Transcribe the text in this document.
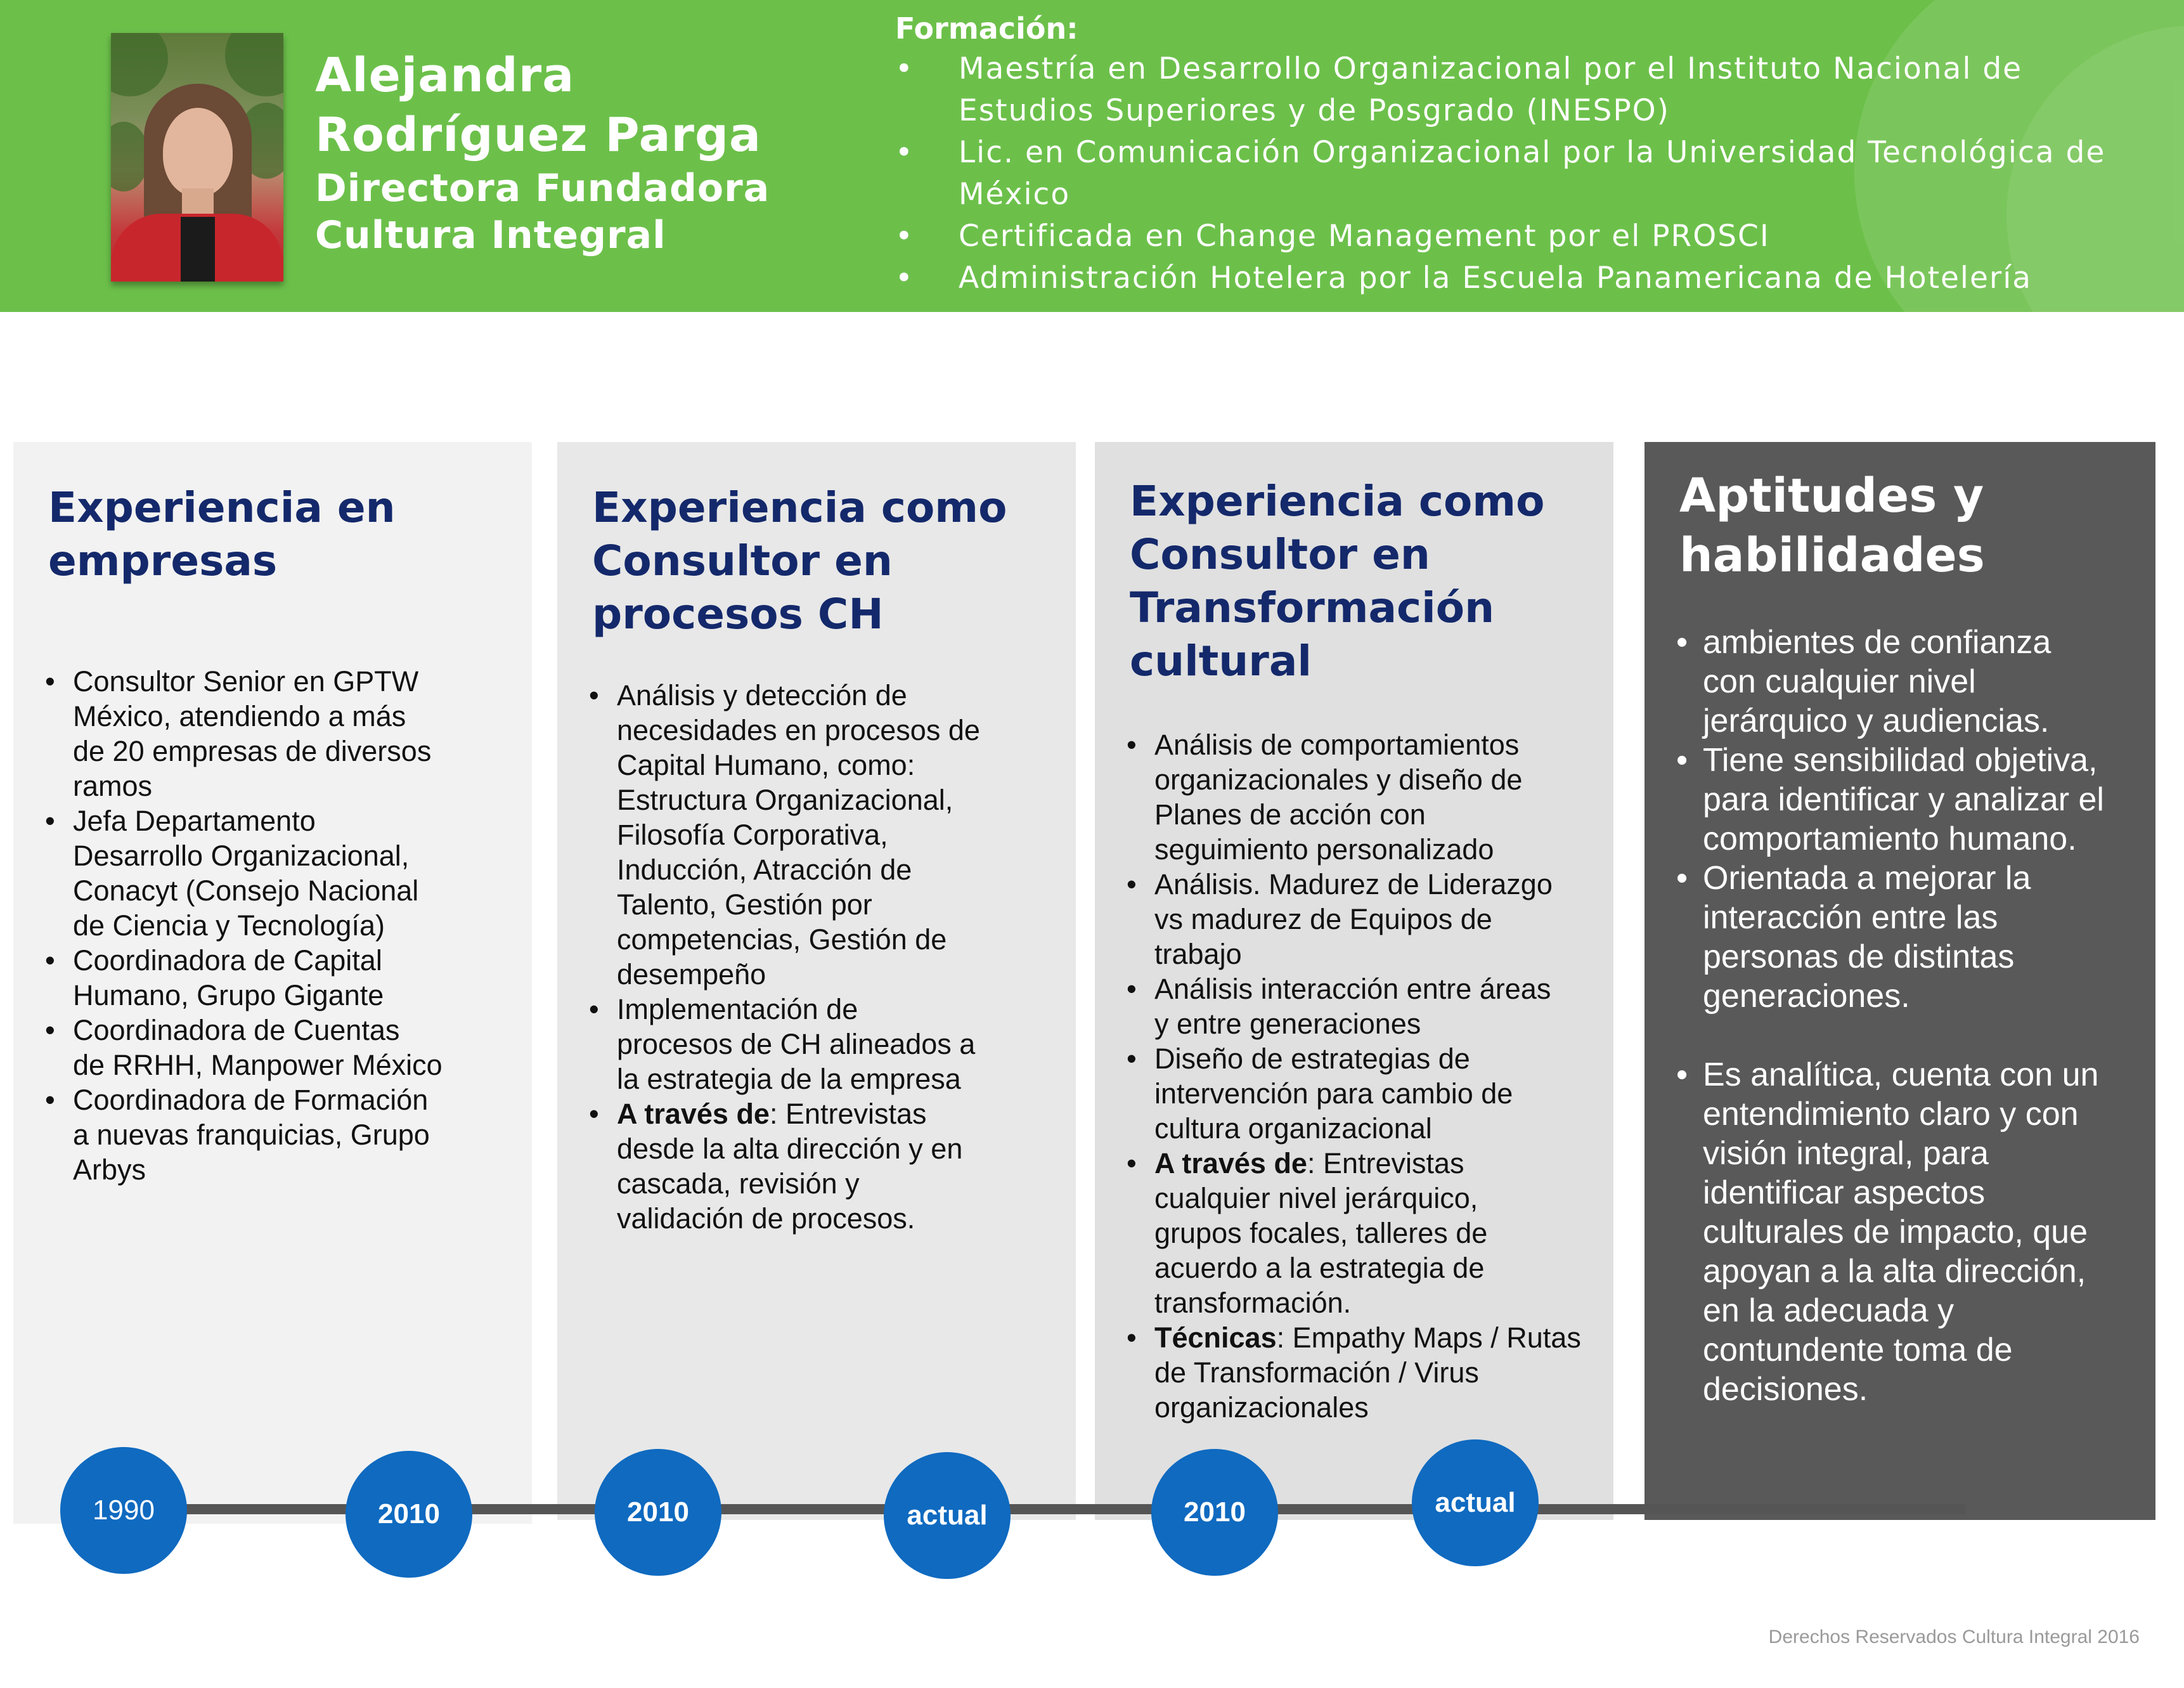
Alejandra
Rodríguez Parga
Directora Fundadora
Cultura Integral
Formación:
• Maestría en Desarrollo Organizacional por el Instituto Nacional de
Estudios Superiores y de Posgrado (INESPO)
• Lic. en Comunicación Organizacional por la Universidad Tecnológica de
México
• Certificada en Change Management por el PROSCI
• Administración Hotelera por la Escuela Panamericana de Hotelería
Experiencia en
empresas
• Consultor Senior en GPTW
México, atendiendo a más
de 20 empresas de diversos
ramos
• Jefa Departamento
Desarrollo Organizacional,
Conacyt (Consejo Nacional
de Ciencia y Tecnología)
• Coordinadora de Capital
Humano, Grupo Gigante
• Coordinadora de Cuentas
de RRHH, Manpower México
• Coordinadora de Formación
a nuevas franquicias, Grupo
Arbys
Experiencia como
Consultor en
procesos CH
• Análisis y detección de
necesidades en procesos de
Capital Humano, como:
Estructura Organizacional,
Filosofía Corporativa,
Inducción, Atracción de
Talento, Gestión por
competencias, Gestión de
desempeño
• Implementación de
procesos de CH alineados a
la estrategia de la empresa
• A través de: Entrevistas
desde la alta dirección y en
cascada, revisión y
validación de procesos.
Experiencia como
Consultor en
Transformación
cultural
• Análisis de comportamientos
organizacionales y diseño de
Planes de acción con
seguimiento personalizado
• Análisis. Madurez de Liderazgo
vs madurez de Equipos de
trabajo
• Análisis interacción entre áreas
y entre generaciones
• Diseño de estrategias de
intervención para cambio de
cultura organizacional
• A través de: Entrevistas
cualquier nivel jerárquico,
grupos focales, talleres de
acuerdo a la estrategia de
transformación.
• Técnicas: Empathy Maps / Rutas
de Transformación / Virus
organizacionales
Aptitudes y
habilidades
• ambientes de confianza
con cualquier nivel
jerárquico y audiencias.
• Tiene sensibilidad objetiva,
para identificar y analizar el
comportamiento humano.
• Orientada a mejorar la
interacción entre las
personas de distintas
generaciones.
• Es analítica, cuenta con un
entendimiento claro y con
visión integral, para
identificar aspectos
culturales de impacto, que
apoyan a la alta dirección,
en la adecuada y
contundente toma de
decisiones.
1990	2010	2010	actual	2010	actual
Derechos Reservados Cultura Integral 2016
